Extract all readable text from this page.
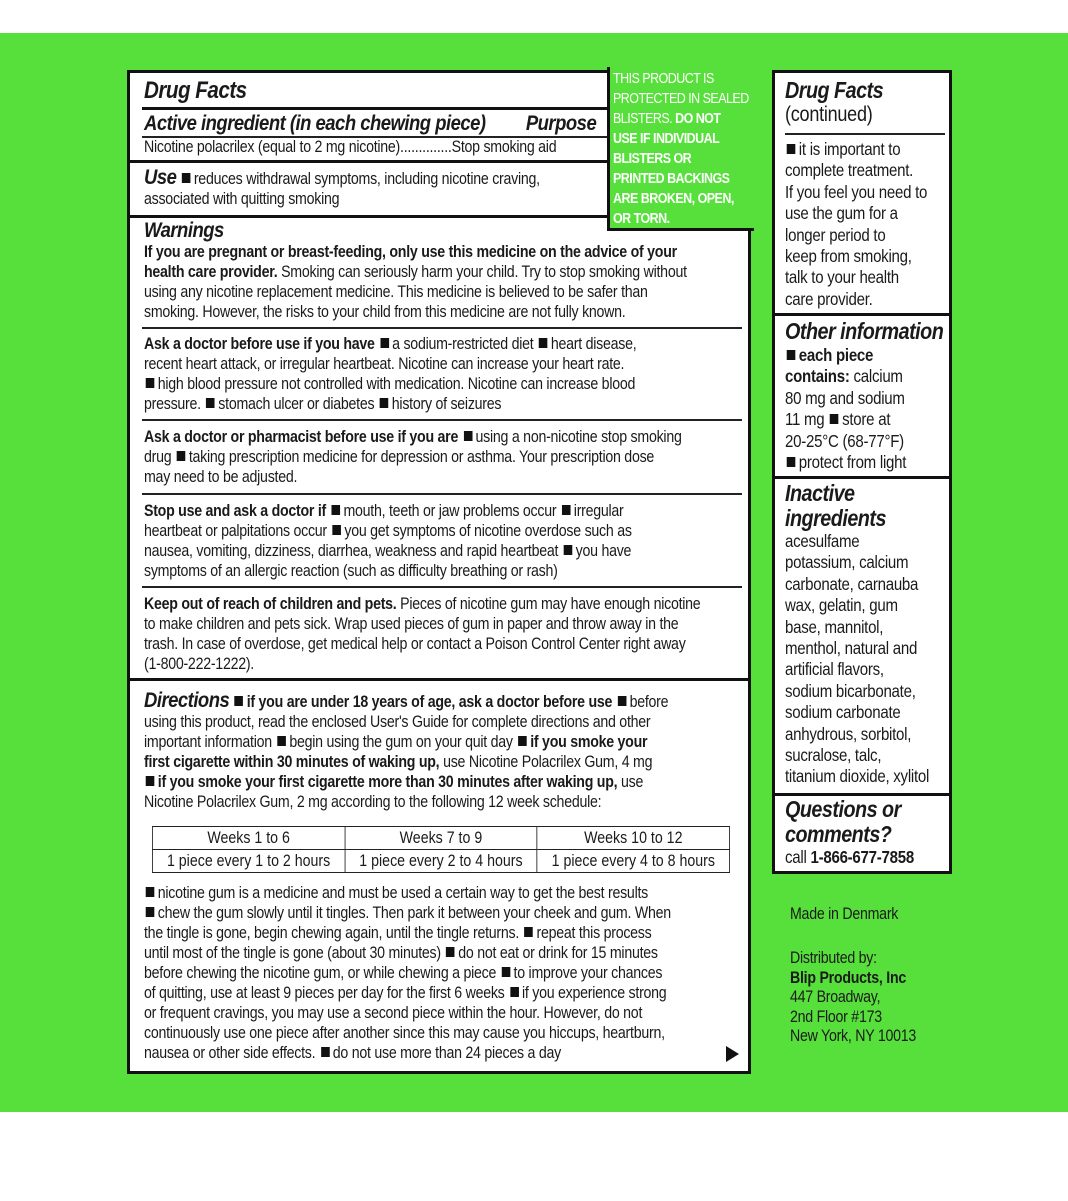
Drug Facts
Active ingredient (in each chewing piece) Purpose
Nicotine polacrilex (equal to 2 mg nicotine)..............Stop smoking aid
Use reduces withdrawal symptoms, including nicotine craving,
associated with quitting smoking
Warnings
If you are pregnant or breast-feeding, only use this medicine on the advice of your
health care provider. Smoking can seriously harm your child. Try to stop smoking without
using any nicotine replacement medicine. This medicine is believed to be safer than
smoking. However, the risks to your child from this medicine are not fully known.
Ask a doctor before use if you have a sodium-restricted diet heart disease,
recent heart attack, or irregular heartbeat. Nicotine can increase your heart rate.
high blood pressure not controlled with medication. Nicotine can increase blood
pressure. stomach ulcer or diabetes history of seizures
Ask a doctor or pharmacist before use if you are using a non-nicotine stop smoking
drug taking prescription medicine for depression or asthma. Your prescription dose
may need to be adjusted.
Stop use and ask a doctor if mouth, teeth or jaw problems occur irregular
heartbeat or palpitations occur you get symptoms of nicotine overdose such as
nausea, vomiting, dizziness, diarrhea, weakness and rapid heartbeat you have
symptoms of an allergic reaction (such as difficulty breathing or rash)
Keep out of reach of children and pets. Pieces of nicotine gum may have enough nicotine
to make children and pets sick. Wrap used pieces of gum in paper and throw away in the
trash. In case of overdose, get medical help or contact a Poison Control Center right away
(1-800-222-1222).
Directions if you are under 18 years of age, ask a doctor before use before
using this product, read the enclosed User's Guide for complete directions and other
important information begin using the gum on your quit day if you smoke your
first cigarette within 30 minutes of waking up, use Nicotine Polacrilex Gum, 4 mg
if you smoke your first cigarette more than 30 minutes after waking up, use
Nicotine Polacrilex Gum, 2 mg according to the following 12 week schedule:
Weeks 1 to 6	Weeks 7 to 9	Weeks 10 to 12
1 piece every 1 to 2 hours	1 piece every 2 to 4 hours	1 piece every 4 to 8 hours
nicotine gum is a medicine and must be used a certain way to get the best results
chew the gum slowly until it tingles. Then park it between your cheek and gum. When
the tingle is gone, begin chewing again, until the tingle returns. repeat this process
until most of the tingle is gone (about 30 minutes) do not eat or drink for 15 minutes
before chewing the nicotine gum, or while chewing a piece to improve your chances
of quitting, use at least 9 pieces per day for the first 6 weeks if you experience strong
or frequent cravings, you may use a second piece within the hour. However, do not
continuously use one piece after another since this may cause you hiccups, heartburn,
nausea or other side effects. do not use more than 24 pieces a day
THIS PRODUCT IS
PROTECTED IN SEALED
BLISTERS. DO NOT
USE IF INDIVIDUAL
BLISTERS OR
PRINTED BACKINGS
ARE BROKEN, OPEN,
OR TORN.
Drug Facts
(continued)
it is important to
complete treatment.
If you feel you need to
use the gum for a
longer period to
keep from smoking,
talk to your health
care provider.
Other information
each piece
contains: calcium
80 mg and sodium
11 mg store at
20-25°C (68-77°F)
protect from light
Inactive
ingredients
acesulfame
potassium, calcium
carbonate, carnauba
wax, gelatin, gum
base, mannitol,
menthol, natural and
artificial flavors,
sodium bicarbonate,
sodium carbonate
anhydrous, sorbitol,
sucralose, talc,
titanium dioxide, xylitol
Questions or
comments?
call 1-866-677-7858
Made in Denmark
Distributed by:
Blip Products, Inc
447 Broadway,
2nd Floor #173
New York, NY 10013
